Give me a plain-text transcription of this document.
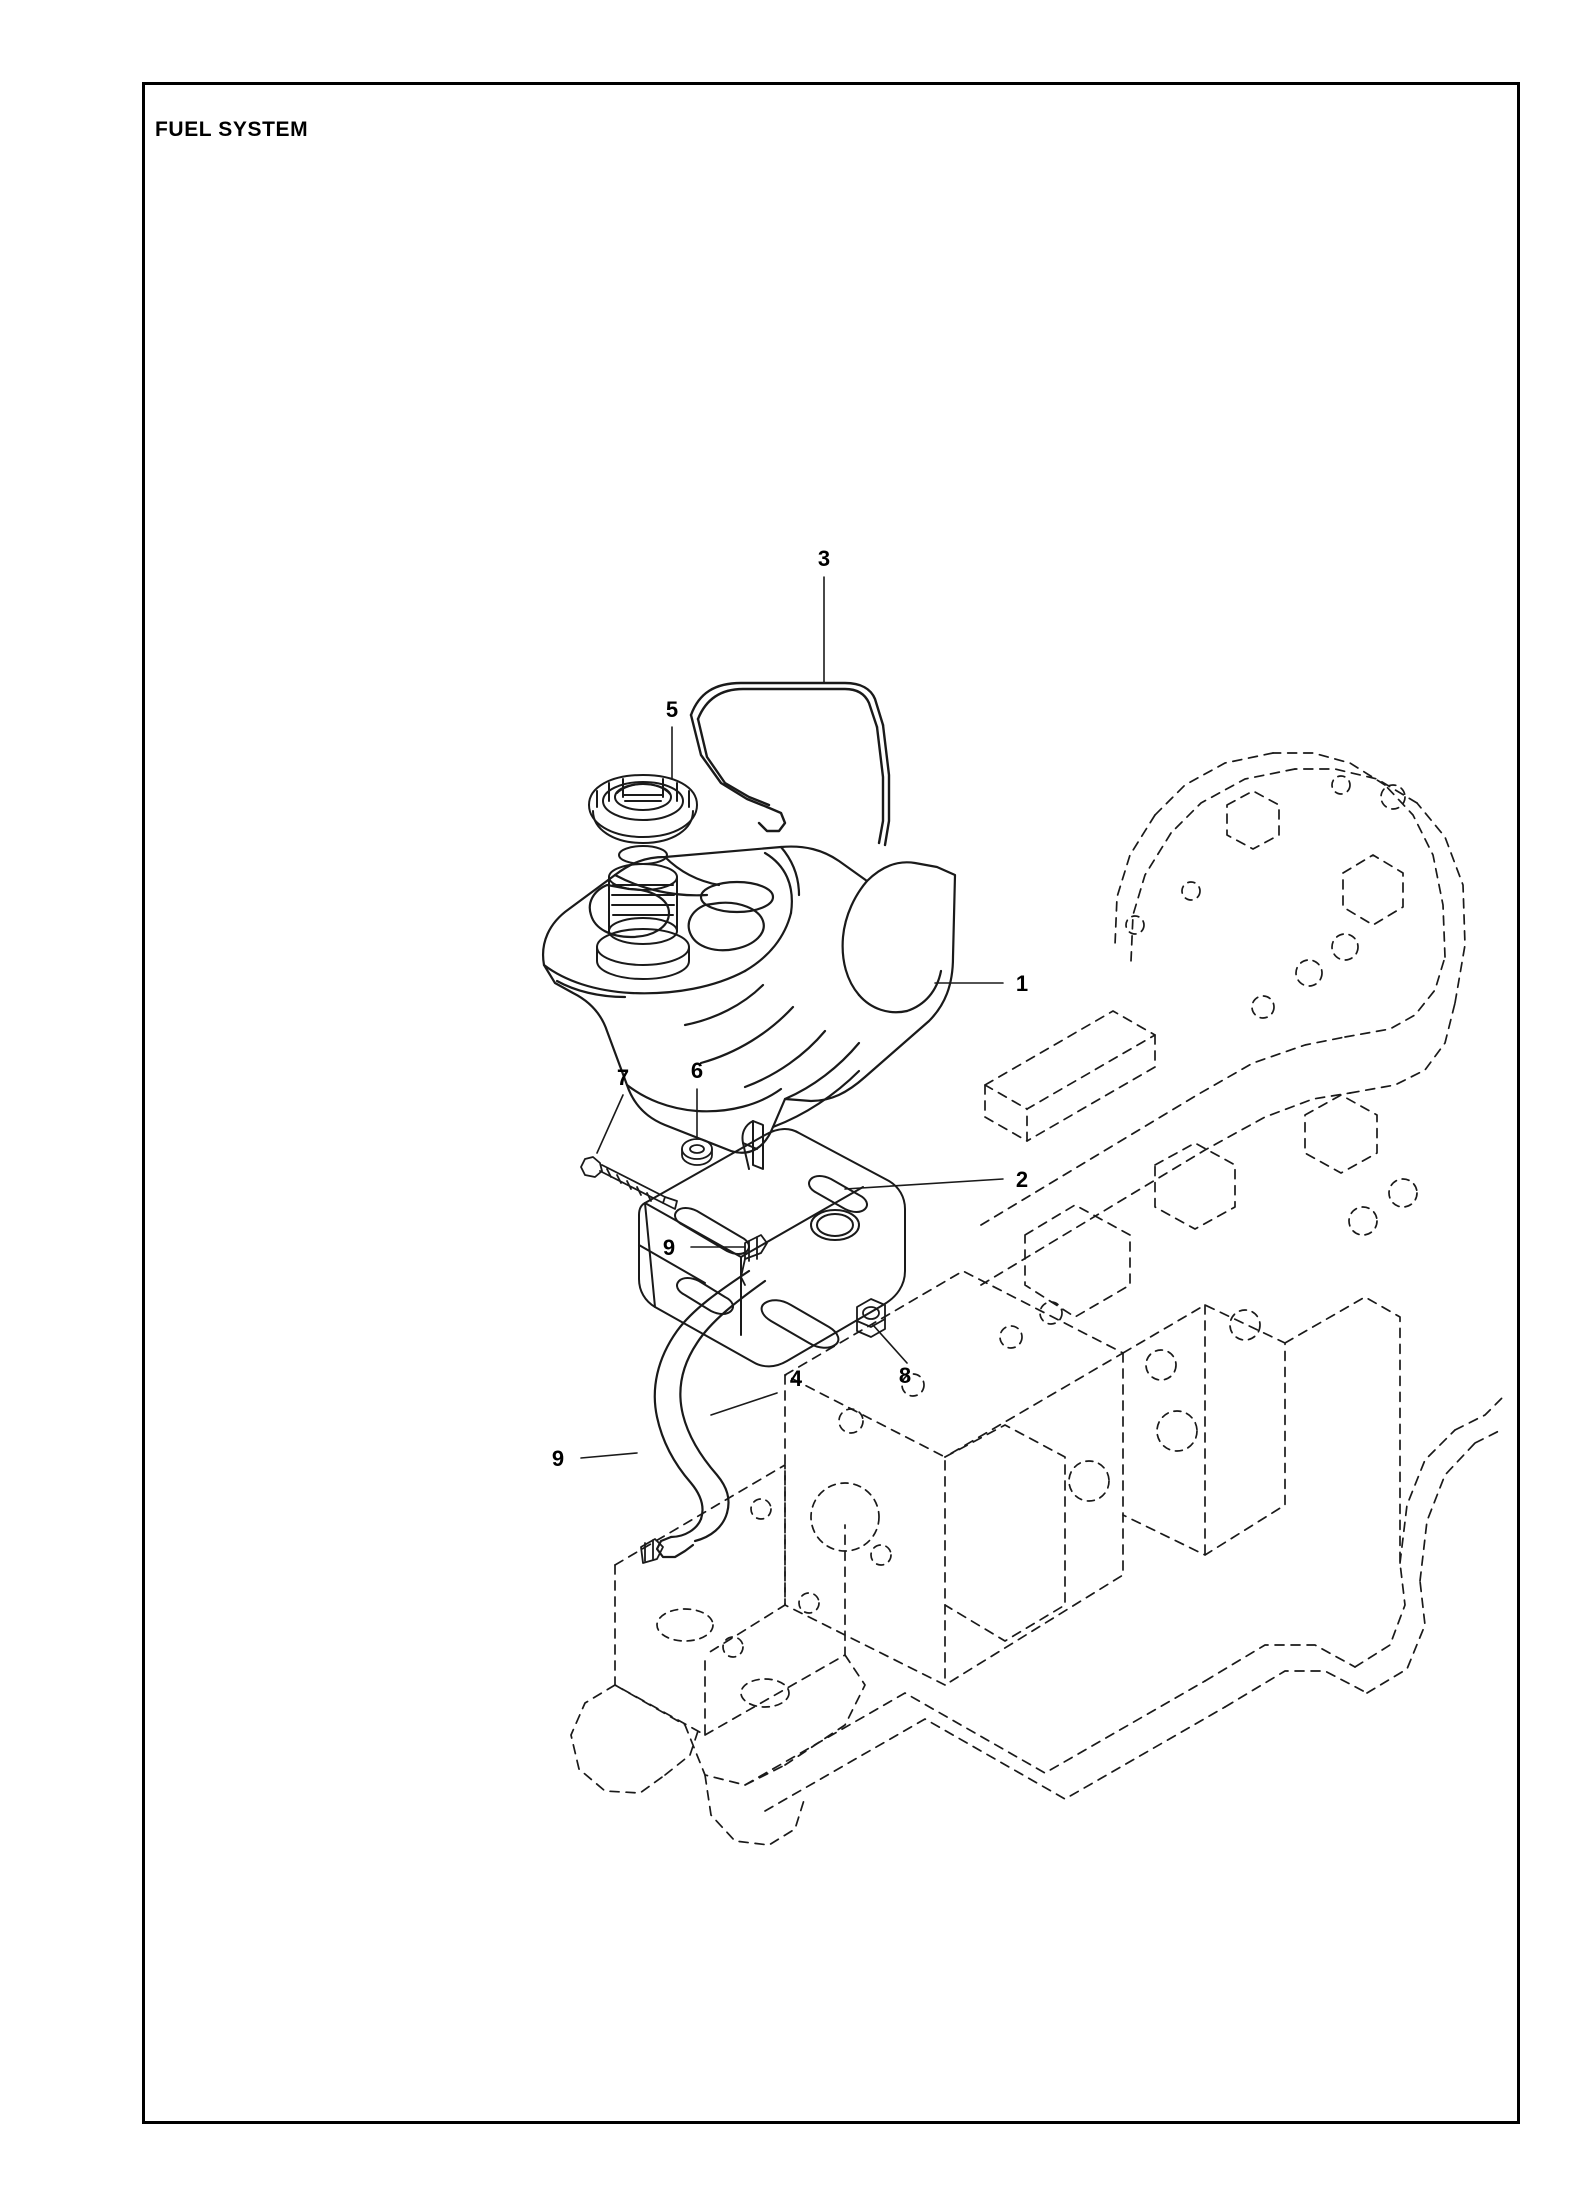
FUEL SYSTEM
1
2
3
4
5
6
7
8
9
9
